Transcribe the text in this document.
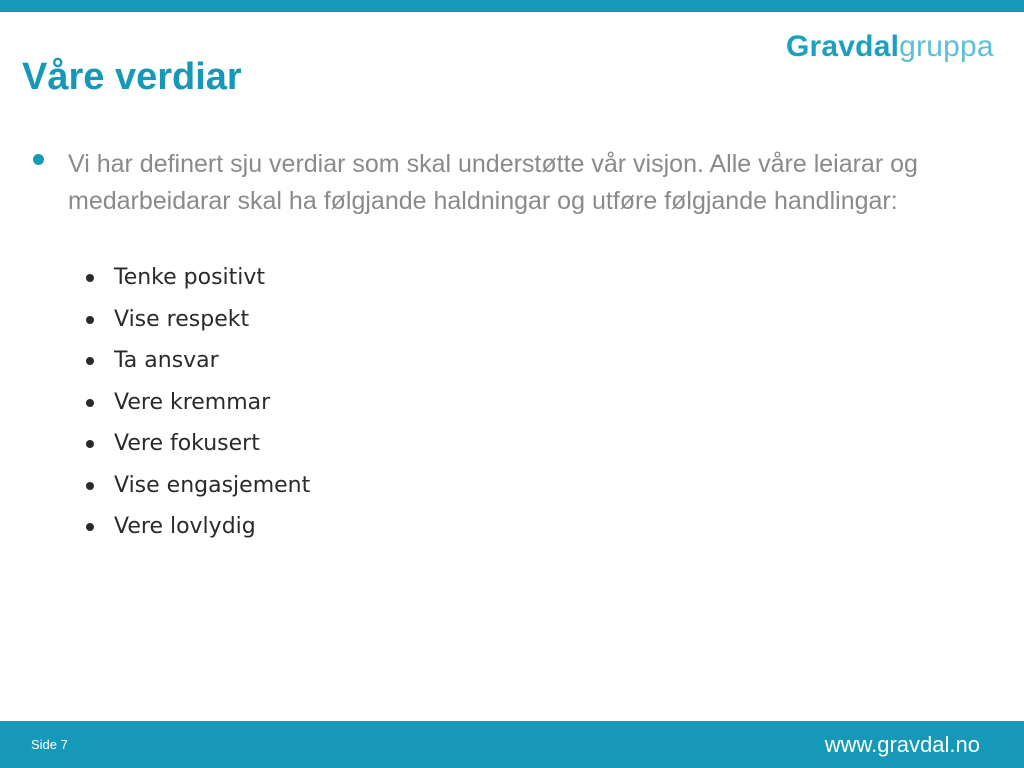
Gravdalgruppa
Våre verdiar

Vi har definert sju verdiar som skal understøtte vår visjon. Alle våre leiarar og medarbeidarar skal ha følgjande haldningar og utføre følgjande handlingar:

Tenke positivt
Vise respekt
Ta ansvar
Vere kremmar
Vere fokusert
Vise engasjement
Vere lovlydig
Side 7	www.gravdal.no
